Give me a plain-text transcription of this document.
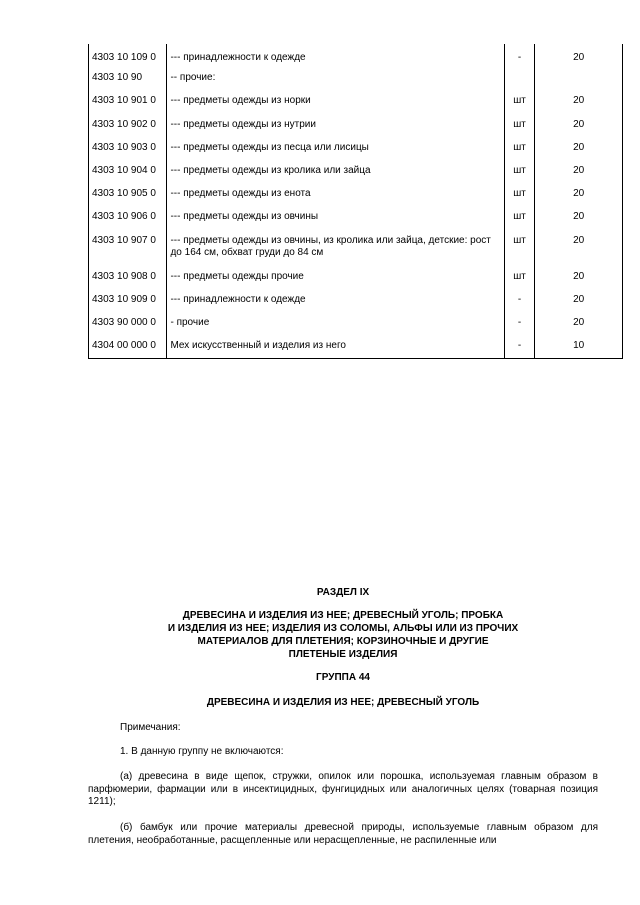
4303 10 109 0	--- принадлежности к одежде	-	20
4303 10 90	-- прочие:		
4303 10 901 0	--- предметы одежды из норки	шт	20
4303 10 902 0	--- предметы одежды из нутрии	шт	20
4303 10 903 0	--- предметы одежды из песца или лисицы	шт	20
4303 10 904 0	--- предметы одежды из кролика или зайца	шт	20
4303 10 905 0	--- предметы одежды из енота	шт	20
4303 10 906 0	--- предметы одежды из овчины	шт	20
4303 10 907 0	--- предметы одежды из овчины, из кролика или зайца, детские: рост до 164 см, обхват груди до 84 см	шт	20
4303 10 908 0	--- предметы одежды прочие	шт	20
4303 10 909 0	--- принадлежности к одежде	-	20
4303 90 000 0	- прочие	-	20
4304 00 000 0	Мех искусственный и изделия из него	-	10
РАЗДЕЛ IX
ДРЕВЕСИНА И ИЗДЕЛИЯ ИЗ НЕЕ; ДРЕВЕСНЫЙ УГОЛЬ; ПРОБКА
И ИЗДЕЛИЯ ИЗ НЕЕ; ИЗДЕЛИЯ ИЗ СОЛОМЫ, АЛЬФЫ ИЛИ ИЗ ПРОЧИХ
МАТЕРИАЛОВ ДЛЯ ПЛЕТЕНИЯ; КОРЗИНОЧНЫЕ И ДРУГИЕ
ПЛЕТЕНЫЕ ИЗДЕЛИЯ
ГРУППА 44
ДРЕВЕСИНА И ИЗДЕЛИЯ ИЗ НЕЕ; ДРЕВЕСНЫЙ УГОЛЬ
Примечания:
1. В данную группу не включаются:
(а) древесина в виде щепок, стружки, опилок или порошка, используемая главным образом в парфюмерии, фармации или в инсектицидных, фунгицидных или аналогичных целях (товарная позиция 1211);
(б) бамбук или прочие материалы древесной природы, используемые главным образом для плетения, необработанные, расщепленные или нерасщепленные, не распиленные или
